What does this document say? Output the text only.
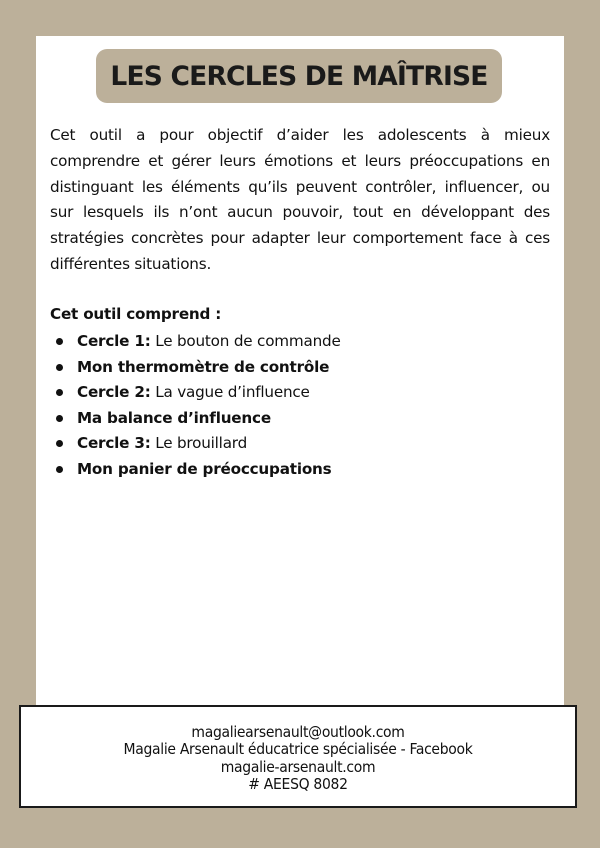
LES CERCLES DE MAÎTRISE

Cet outil a pour objectif d’aider les adolescents à mieux comprendre et gérer leurs émotions et leurs préoccupations en distinguant les éléments qu’ils peuvent contrôler, influencer, ou sur lesquels ils n’ont aucun pouvoir, tout en développant des stratégies concrètes pour adapter leur comportement face à ces différentes situations.

Cet outil comprend :

Cercle 1: Le bouton de commande
Mon thermomètre de contrôle
Cercle 2: La vague d’influence
Ma balance d’influence
Cercle 3: Le brouillard
Mon panier de préoccupations
magaliearsenault@outlook.com
Magalie Arsenault éducatrice spécialisée - Facebook
magalie-arsenault.com
# AEESQ 8082
